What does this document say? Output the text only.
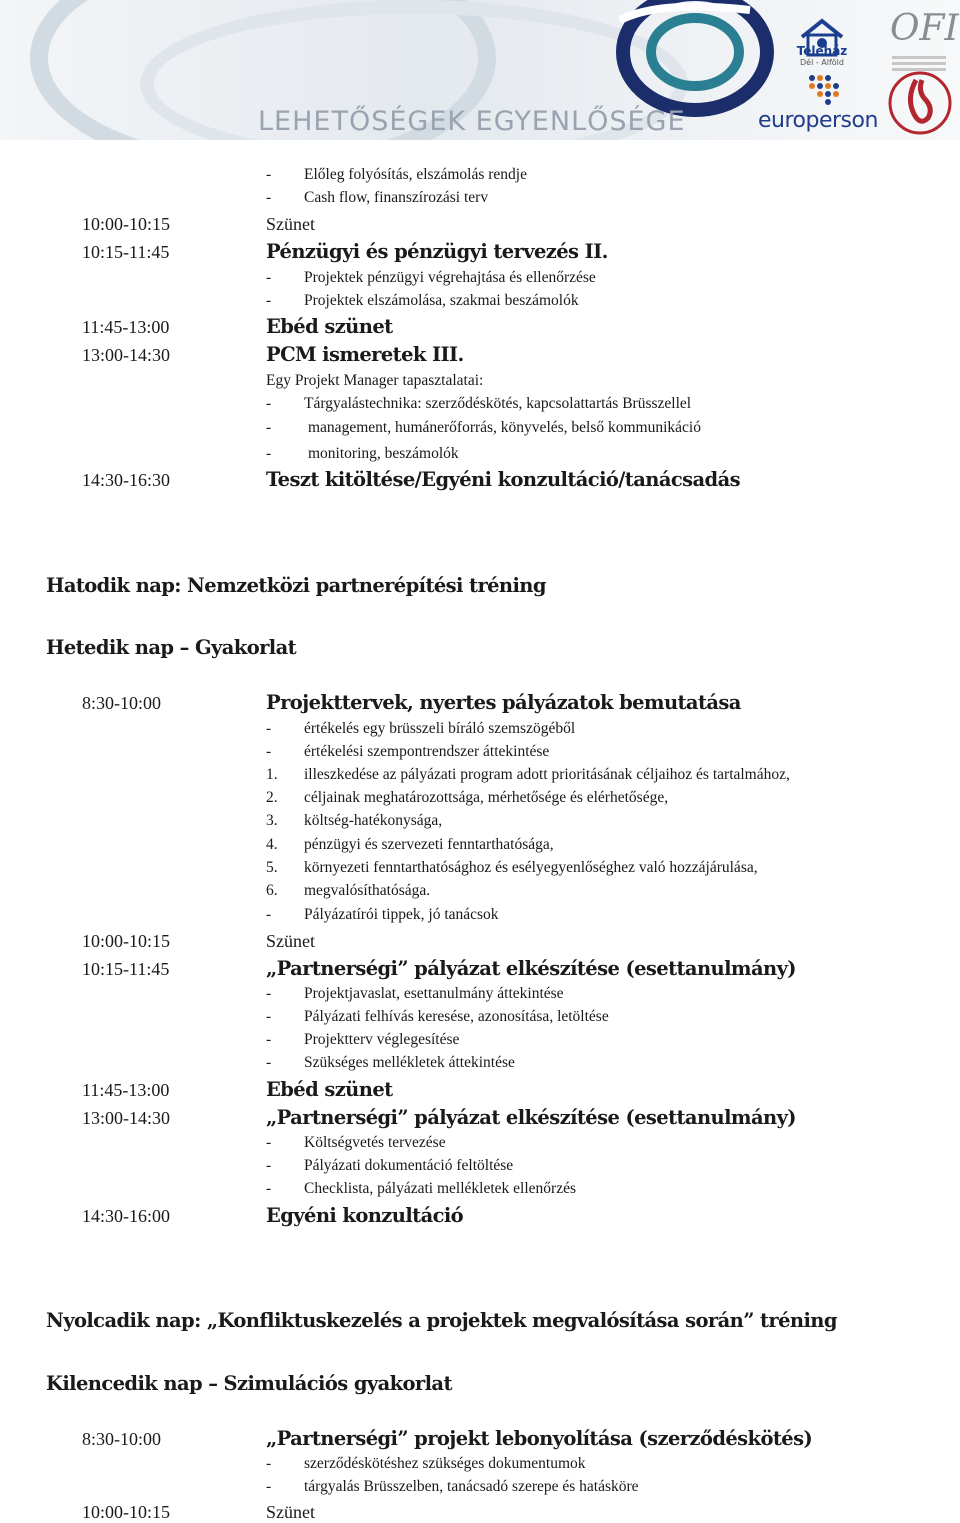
LEHETŐSÉGEK EGYENLŐSÉGE
Teleház
Dél - Alföld
OFI
europerson
- Előleg folyósítás, elszámolás rendje
- Cash flow, finanszírozási terv
10:00-10:15	Szünet
10:15-11:45	Pénzügyi és pénzügyi tervezés II.
- Projektek pénzügyi végrehajtása és ellenőrzése
- Projektek elszámolása, szakmai beszámolók
11:45-13:00	Ebéd szünet
13:00-14:30	PCM ismeretek III.
Egy Projekt Manager tapasztalatai:
- Tárgyalástechnika: szerződéskötés, kapcsolattartás Brüsszellel
- management, humánerőforrás, könyvelés, belső kommunikáció
- monitoring, beszámolók
14:30-16:30	Teszt kitöltése/Egyéni konzultáció/tanácsadás
Hatodik nap: Nemzetközi partnerépítési tréning
Hetedik nap – Gyakorlat
8:30-10:00	Projekttervek, nyertes pályázatok bemutatása
- értékelés egy brüsszeli bíráló szemszögéből
- értékelési szempontrendszer áttekintése
1. illeszkedése az pályázati program adott prioritásának céljaihoz és tartalmához,
2. céljainak meghatározottsága, mérhetősége és elérhetősége,
3. költség-hatékonysága,
4. pénzügyi és szervezeti fenntarthatósága,
5. környezeti fenntarthatósághoz és esélyegyenlőséghez való hozzájárulása,
6. megvalósíthatósága.
- Pályázatírói tippek, jó tanácsok
10:00-10:15	Szünet
10:15-11:45	„Partnerségi” pályázat elkészítése (esettanulmány)
- Projektjavaslat, esettanulmány áttekintése
- Pályázati felhívás keresése, azonosítása, letöltése
- Projektterv véglegesítése
- Szükséges mellékletek áttekintése
11:45-13:00	Ebéd szünet
13:00-14:30	„Partnerségi” pályázat elkészítése (esettanulmány)
- Költségvetés tervezése
- Pályázati dokumentáció feltöltése
- Checklista, pályázati mellékletek ellenőrzés
14:30-16:00	Egyéni konzultáció
Nyolcadik nap: „Konfliktuskezelés a projektek megvalósítása során” tréning
Kilencedik nap – Szimulációs gyakorlat
8:30-10:00	„Partnerségi” projekt lebonyolítása (szerződéskötés)
- szerződéskötéshez szükséges dokumentumok
- tárgyalás Brüsszelben, tanácsadó szerepe és hatásköre
10:00-10:15	Szünet
